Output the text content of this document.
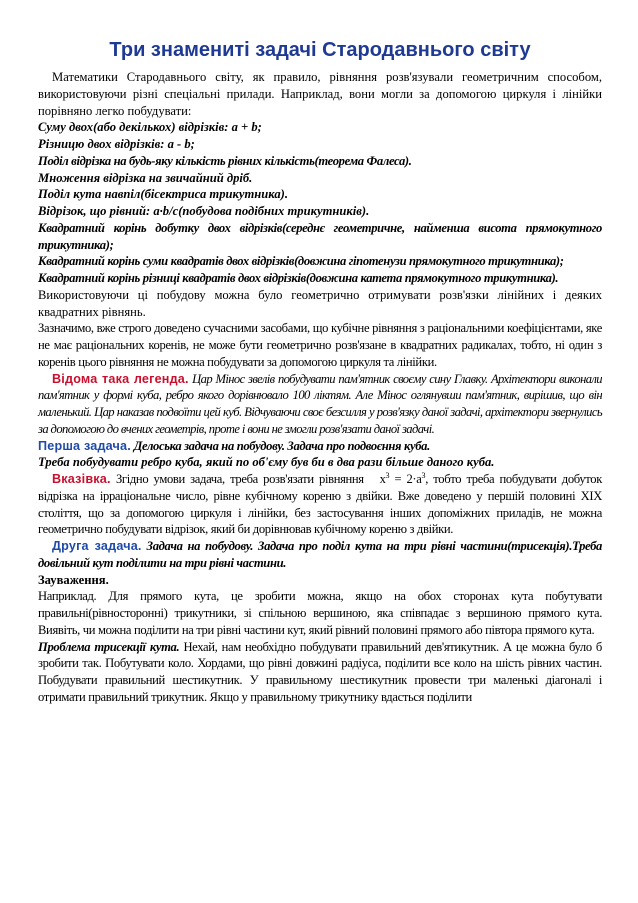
Три знамениті задачі Стародавнього світу

Математики Стародавнього світу, як правило, рівняння розв'язували геометричним способом, використовуючи різні спеціальні прилади. Наприклад, вони могли за допомогою циркуля і лінійки порівняно легко побудувати:

Суму двох(або декількох) відрізків: a + b;

Різницю двох відрізків: a - b;

Поділ відрізка на будь-яку кількість рівних кількість(теорема Фалеса).

Множення відрізка на звичайний дріб.

Поділ кута навпіл(бісектриса трикутника).

Відрізок, що рівний: a·b/c(побудова подібних трикутників).

Квадратний корінь добутку двох відрізків(середнє геометричне, найменша висота прямокутного трикутника);

Квадратний корінь суми квадратів двох відрізків(довжина гіпотенузи прямокутного трикутника);

Квадратний корінь різниці квадратів двох відрізків(довжина катета прямокутного трикутника).

Використовуючи ці побудову можна було геометрично отримувати розв'язки лінійних і деяких квадратних рівнянь.

Зазначимо, вже строго доведено сучасними засобами, що кубічне рівняння з раціональними коефіцієнтами, яке не має раціональних коренів, не може бути геометрично розв'язане в квадратних радикалах, тобто, ні один з коренів цього рівняння не можна побудувати за допомогою циркуля та лінійки.

Відома така легенда. Цар Мінос звелів побудувати пам'ятник своєму сину Главку. Архітектори виконали пам'ятник у формі куба, ребро якого дорівнювало 100 ліктям. Але Мінос оглянувши пам'ятник, вирішив, що він маленький. Цар наказав подвоїти цей куб. Відчуваючи своє безсилля у розв'язку даної задачі, архітектори звернулись за допомогою до вчених геометрів, проте і вони не змогли розв'язати даної задачі.

Перша задача. Делоська задача на побудову. Задача про подвоєння куба.

Треба побудувати ребро куба, який по об'єму був би в два рази більше даного куба.

Вказівка. Згідно умови задача, треба розв'язати рівняння $x^3 = 2\cdot a^3$, тобто треба побудувати добуток відрізка на ірраціональне число, рівне кубічному кореню з двійки. Вже доведено у першій половині XIX століття, що за допомогою циркуля і лінійки, без застосування інших допоміжних приладів, не можна геометрично побудувати відрізок, який би дорівнював кубічному кореню з двійки.

Друга задача. Задача на побудову. Задача про поділ кута на три рівні частини(трисекція).Треба довільний кут поділити на три рівні частини.

Зауваження.

Наприклад. Для прямого кута, це зробити можна, якщо на обох сторонах кута побутувати правильні(рівносторонні) трикутники, зі спільною вершиною, яка співпадає з вершиною прямого кута. Виявіть, чи можна поділити на три рівні частини кут, який рівний половині прямого або півтора прямого кута.

Проблема трисекції кута. Нехай, нам необхідно побудувати правильний дев'ятикутник. А це можна було б зробити так. Побутувати коло. Хордами, що рівні довжині радіуса, поділити все коло на шість рівних частин. Побудувати правильний шестикутник. У правильному шестикутник провести три маленькі діагоналі і отримати правильний трикутник. Якщо у правильному трикутнику вдасться поділити
